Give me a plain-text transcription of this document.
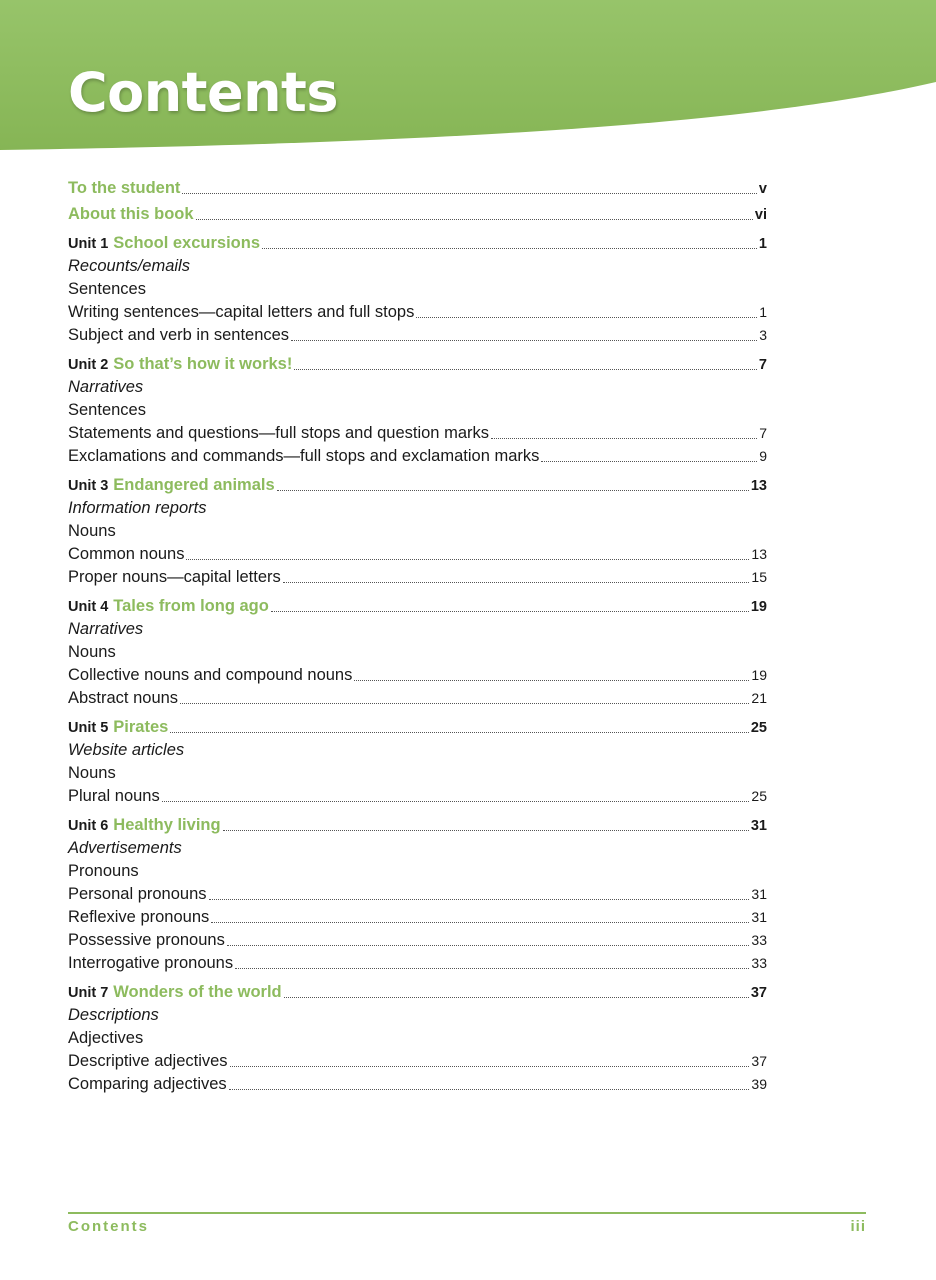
Contents
To the student	v
About this book	vi
Unit 1 School excursions	1
Recounts/emails
Sentences
Writing sentences—capital letters and full stops	1
Subject and verb in sentences	3
Unit 2 So that’s how it works!	7
Narratives
Sentences
Statements and questions—full stops and question marks	7
Exclamations and commands—full stops and exclamation marks	9
Unit 3 Endangered animals	13
Information reports
Nouns
Common nouns	13
Proper nouns—capital letters	15
Unit 4 Tales from long ago	19
Narratives
Nouns
Collective nouns and compound nouns	19
Abstract nouns	21
Unit 5 Pirates	25
Website articles
Nouns
Plural nouns	25
Unit 6 Healthy living	31
Advertisements
Pronouns
Personal pronouns	31
Reflexive pronouns	31
Possessive pronouns	33
Interrogative pronouns	33
Unit 7 Wonders of the world	37
Descriptions
Adjectives
Descriptive adjectives	37
Comparing adjectives	39
Contents	iii
